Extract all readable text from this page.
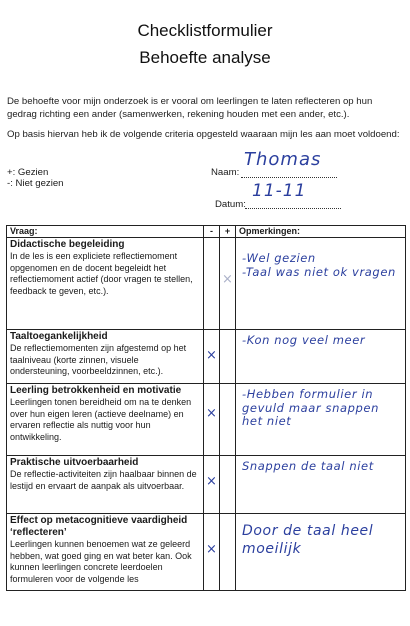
Checklistformulier
Behoefte analyse
De behoefte voor mijn onderzoek is er vooral om leerlingen te laten reflecteren op hun gedrag richting een ander (samenwerken, rekening houden met een ander, etc.).
Op basis hiervan heb ik de volgende criteria opgesteld waaraan mijn les aan moet voldoend:
+: Gezien
-: Niet gezien
Naam:
Thomas
Datum:
11-11
Vraag:	-	+	Opmerkingen:

Didactische begeleiding
In de les is een expliciete reflectiemoment opgenomen en de docent begeleidt het reflectiemoment actief (door vragen te stellen, feedback te geven, etc.).		×	-Wel gezien
-Taal was niet ok vragen

Taaltoegankelijkheid
De reflectiemomenten zijn afgestemd op het taalniveau (korte zinnen, visuele ondersteuning, voorbeeldzinnen, etc.).	×		-Kon nog veel meer

Leerling betrokkenheid en motivatie
Leerlingen tonen bereidheid om na te denken over hun eigen leren (actieve deelname) en ervaren reflectie als nuttig voor hun ontwikkeling.	×		-Hebben formulier in gevuld maar snappen het niet

Praktische uitvoerbaarheid
De reflectie-activiteiten zijn haalbaar binnen de lestijd en ervaart de aanpak als uitvoerbaar.	×		Snappen de taal niet

Effect op metacognitieve vaardigheid ‘reflecteren’
Leerlingen kunnen benoemen wat ze geleerd hebben, wat goed ging en wat beter kan. Ook kunnen leerlingen concrete leerdoelen formuleren voor de volgende les	×		Door de taal heel moeilijk
